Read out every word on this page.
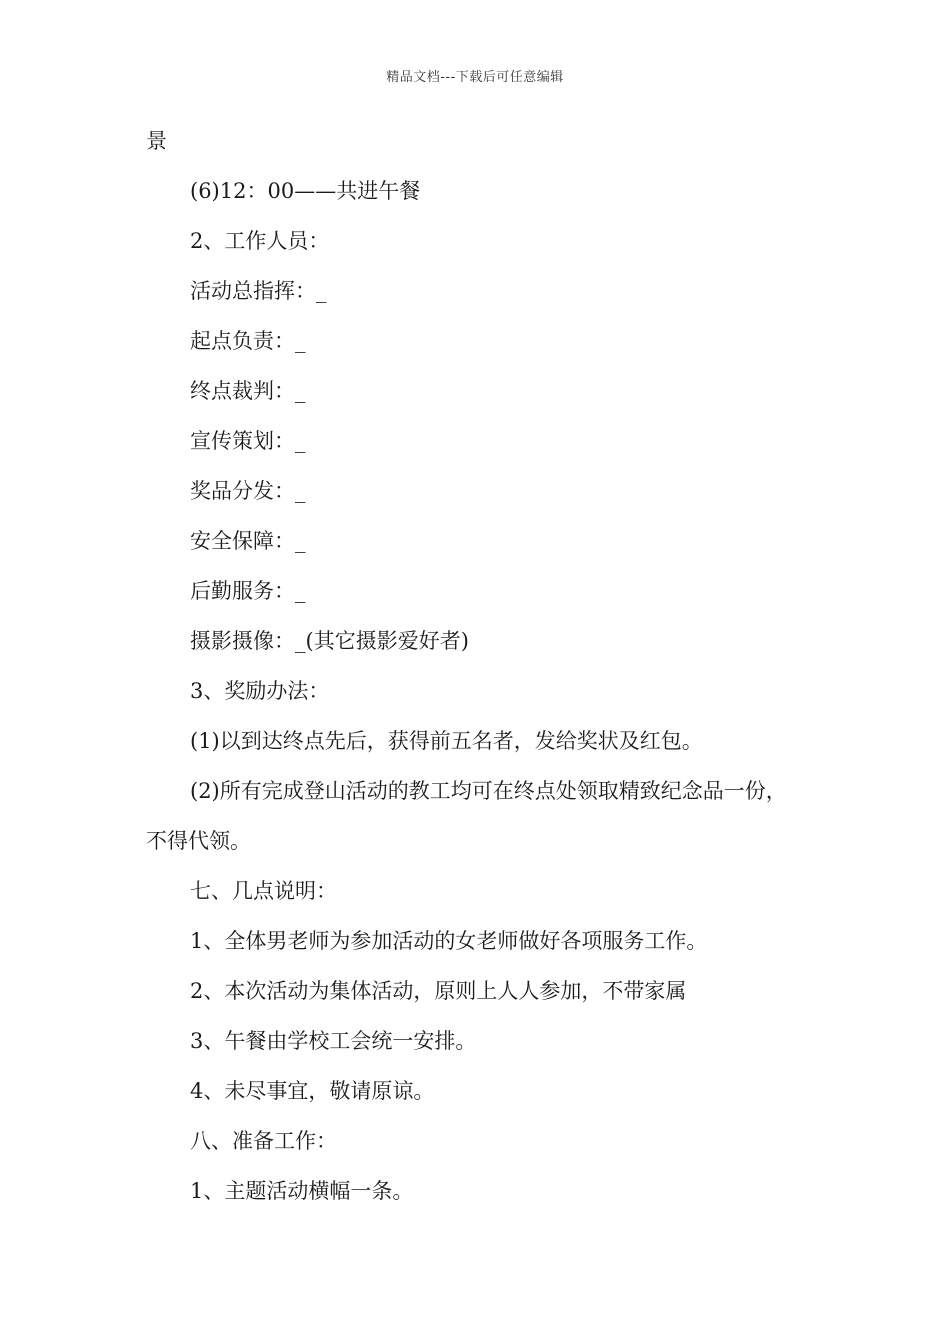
精品文档---下载后可任意编辑
景
(6)12：00——共进午餐
2、工作人员：
活动总指挥：_
起点负责：_
终点裁判：_
宣传策划：_
奖品分发：_
安全保障：_
后勤服务：_
摄影摄像：_(其它摄影爱好者)
3、奖励办法：
(1)以到达终点先后，获得前五名者，发给奖状及红包。
(2)所有完成登山活动的教工均可在终点处领取精致纪念品一份，
不得代领。
七、几点说明：
1、全体男老师为参加活动的女老师做好各项服务工作。
2、本次活动为集体活动，原则上人人参加，不带家属
3、午餐由学校工会统一安排。
4、未尽事宜，敬请原谅。
八、准备工作：
1、主题活动横幅一条。
